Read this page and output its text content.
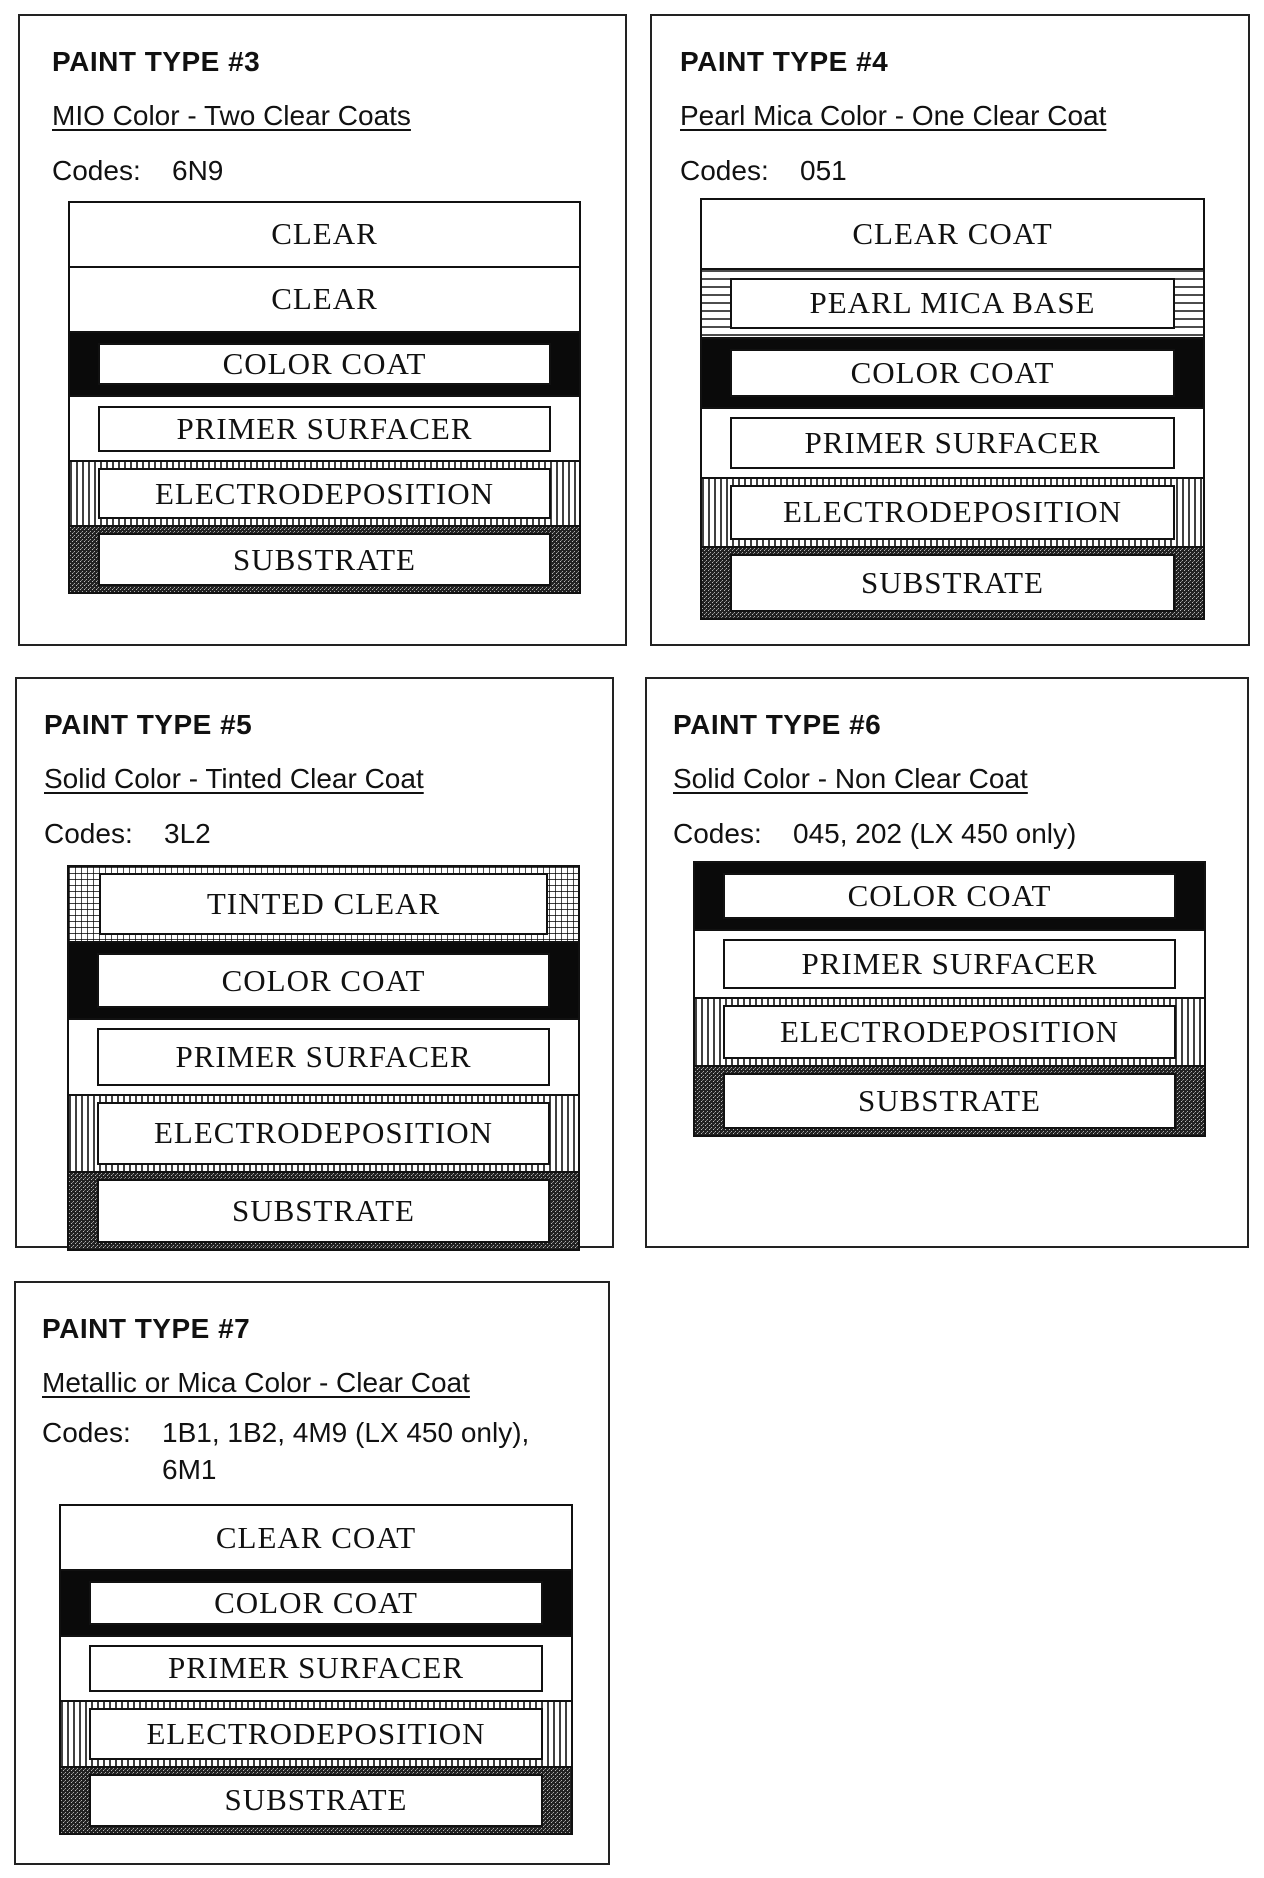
PAINT TYPE #3
MIO Color - Two Clear Coats
Codes: 6N9
CLEAR
CLEAR
COLOR COAT
PRIMER SURFACER
ELECTRODEPOSITION
SUBSTRATE
PAINT TYPE #4
Pearl Mica Color - One Clear Coat
Codes: 051
CLEAR COAT
PEARL MICA BASE
COLOR COAT
PRIMER SURFACER
ELECTRODEPOSITION
SUBSTRATE
PAINT TYPE #5
Solid Color - Tinted Clear Coat
Codes: 3L2
TINTED CLEAR
COLOR COAT
PRIMER SURFACER
ELECTRODEPOSITION
SUBSTRATE
PAINT TYPE #6
Solid Color - Non Clear Coat
Codes: 045, 202 (LX 450 only)
COLOR COAT
PRIMER SURFACER
ELECTRODEPOSITION
SUBSTRATE
PAINT TYPE #7
Metallic or Mica Color - Clear Coat
Codes: 1B1, 1B2, 4M9 (LX 450 only), 6M1
CLEAR COAT
COLOR COAT
PRIMER SURFACER
ELECTRODEPOSITION
SUBSTRATE
